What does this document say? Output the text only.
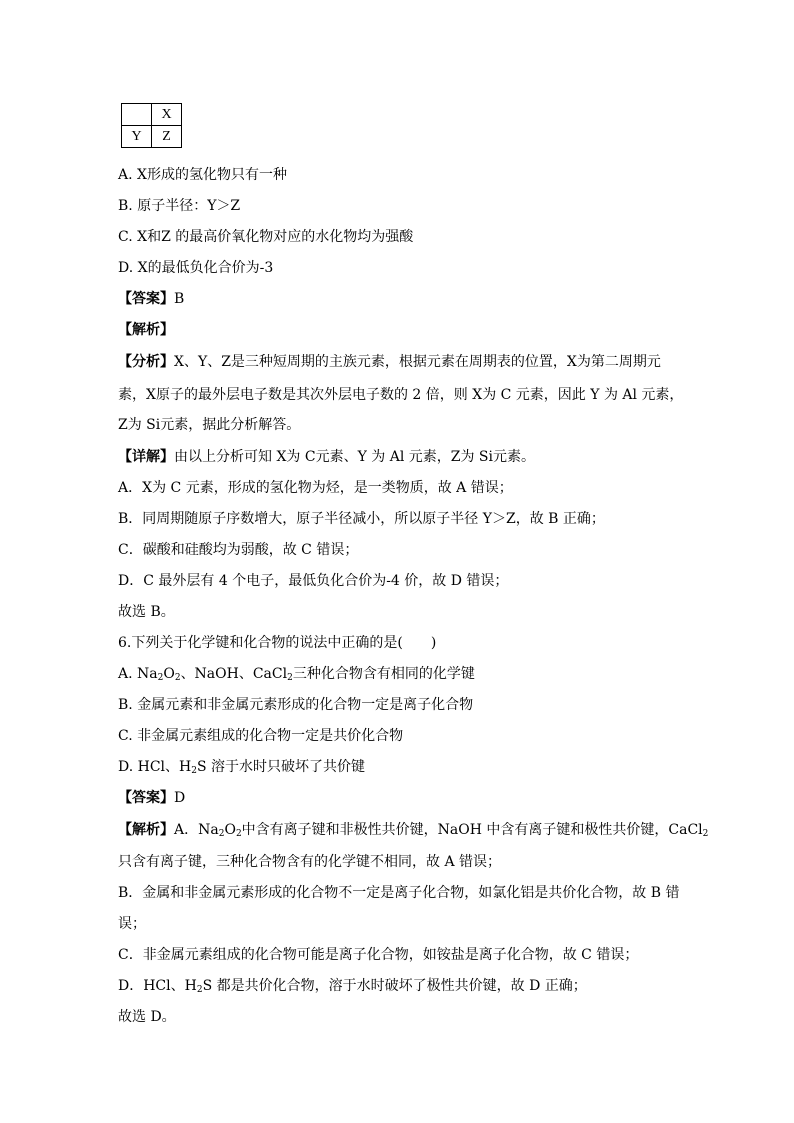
	X
Y	Z
A. X形成的氢化物只有一种
B. 原子半径：Y＞Z
C. X和Z 的最高价氧化物对应的水化物均为强酸
D. X的最低负化合价为-3
【答案】B
【解析】
【分析】X、Y、Z是三种短周期的主族元素，根据元素在周期表的位置，X为第二周期元
素，X原子的最外层电子数是其次外层电子数的 2 倍，则 X为 C 元素，因此 Y 为 Al 元素，
Z为 Si元素，据此分析解答。
【详解】由以上分析可知 X为 C元素、Y 为 Al 元素，Z为 Si元素。
A．X为 C 元素，形成的氢化物为烃，是一类物质，故 A 错误；
B．同周期随原子序数增大，原子半径减小，所以原子半径 Y＞Z，故 B 正确；
C．碳酸和硅酸均为弱酸，故 C 错误；
D．C 最外层有 4 个电子，最低负化合价为-4 价，故 D 错误；
故选 B。
6.下列关于化学键和化合物的说法中正确的是(　　)
A. $Na_2O_2$、NaOH、CaCl$_2$三种化合物含有相同的化学键
B. 金属元素和非金属元素形成的化合物一定是离子化合物
C. 非金属元素组成的化合物一定是共价化合物
D. HCl、$H_2S$ 溶于水时只破坏了共价键
【答案】D
【解析】A．$Na_2O_2$中含有离子键和非极性共价键，NaOH 中含有离子键和极性共价键，CaCl$_2$
只含有离子键，三种化合物含有的化学键不相同，故 A 错误；
B．金属和非金属元素形成的化合物不一定是离子化合物，如氯化铝是共价化合物，故 B 错
误；
C．非金属元素组成的化合物可能是离子化合物，如铵盐是离子化合物，故 C 错误；
D．HCl、$H_2S$ 都是共价化合物，溶于水时破坏了极性共价键，故 D 正确；
故选 D。
